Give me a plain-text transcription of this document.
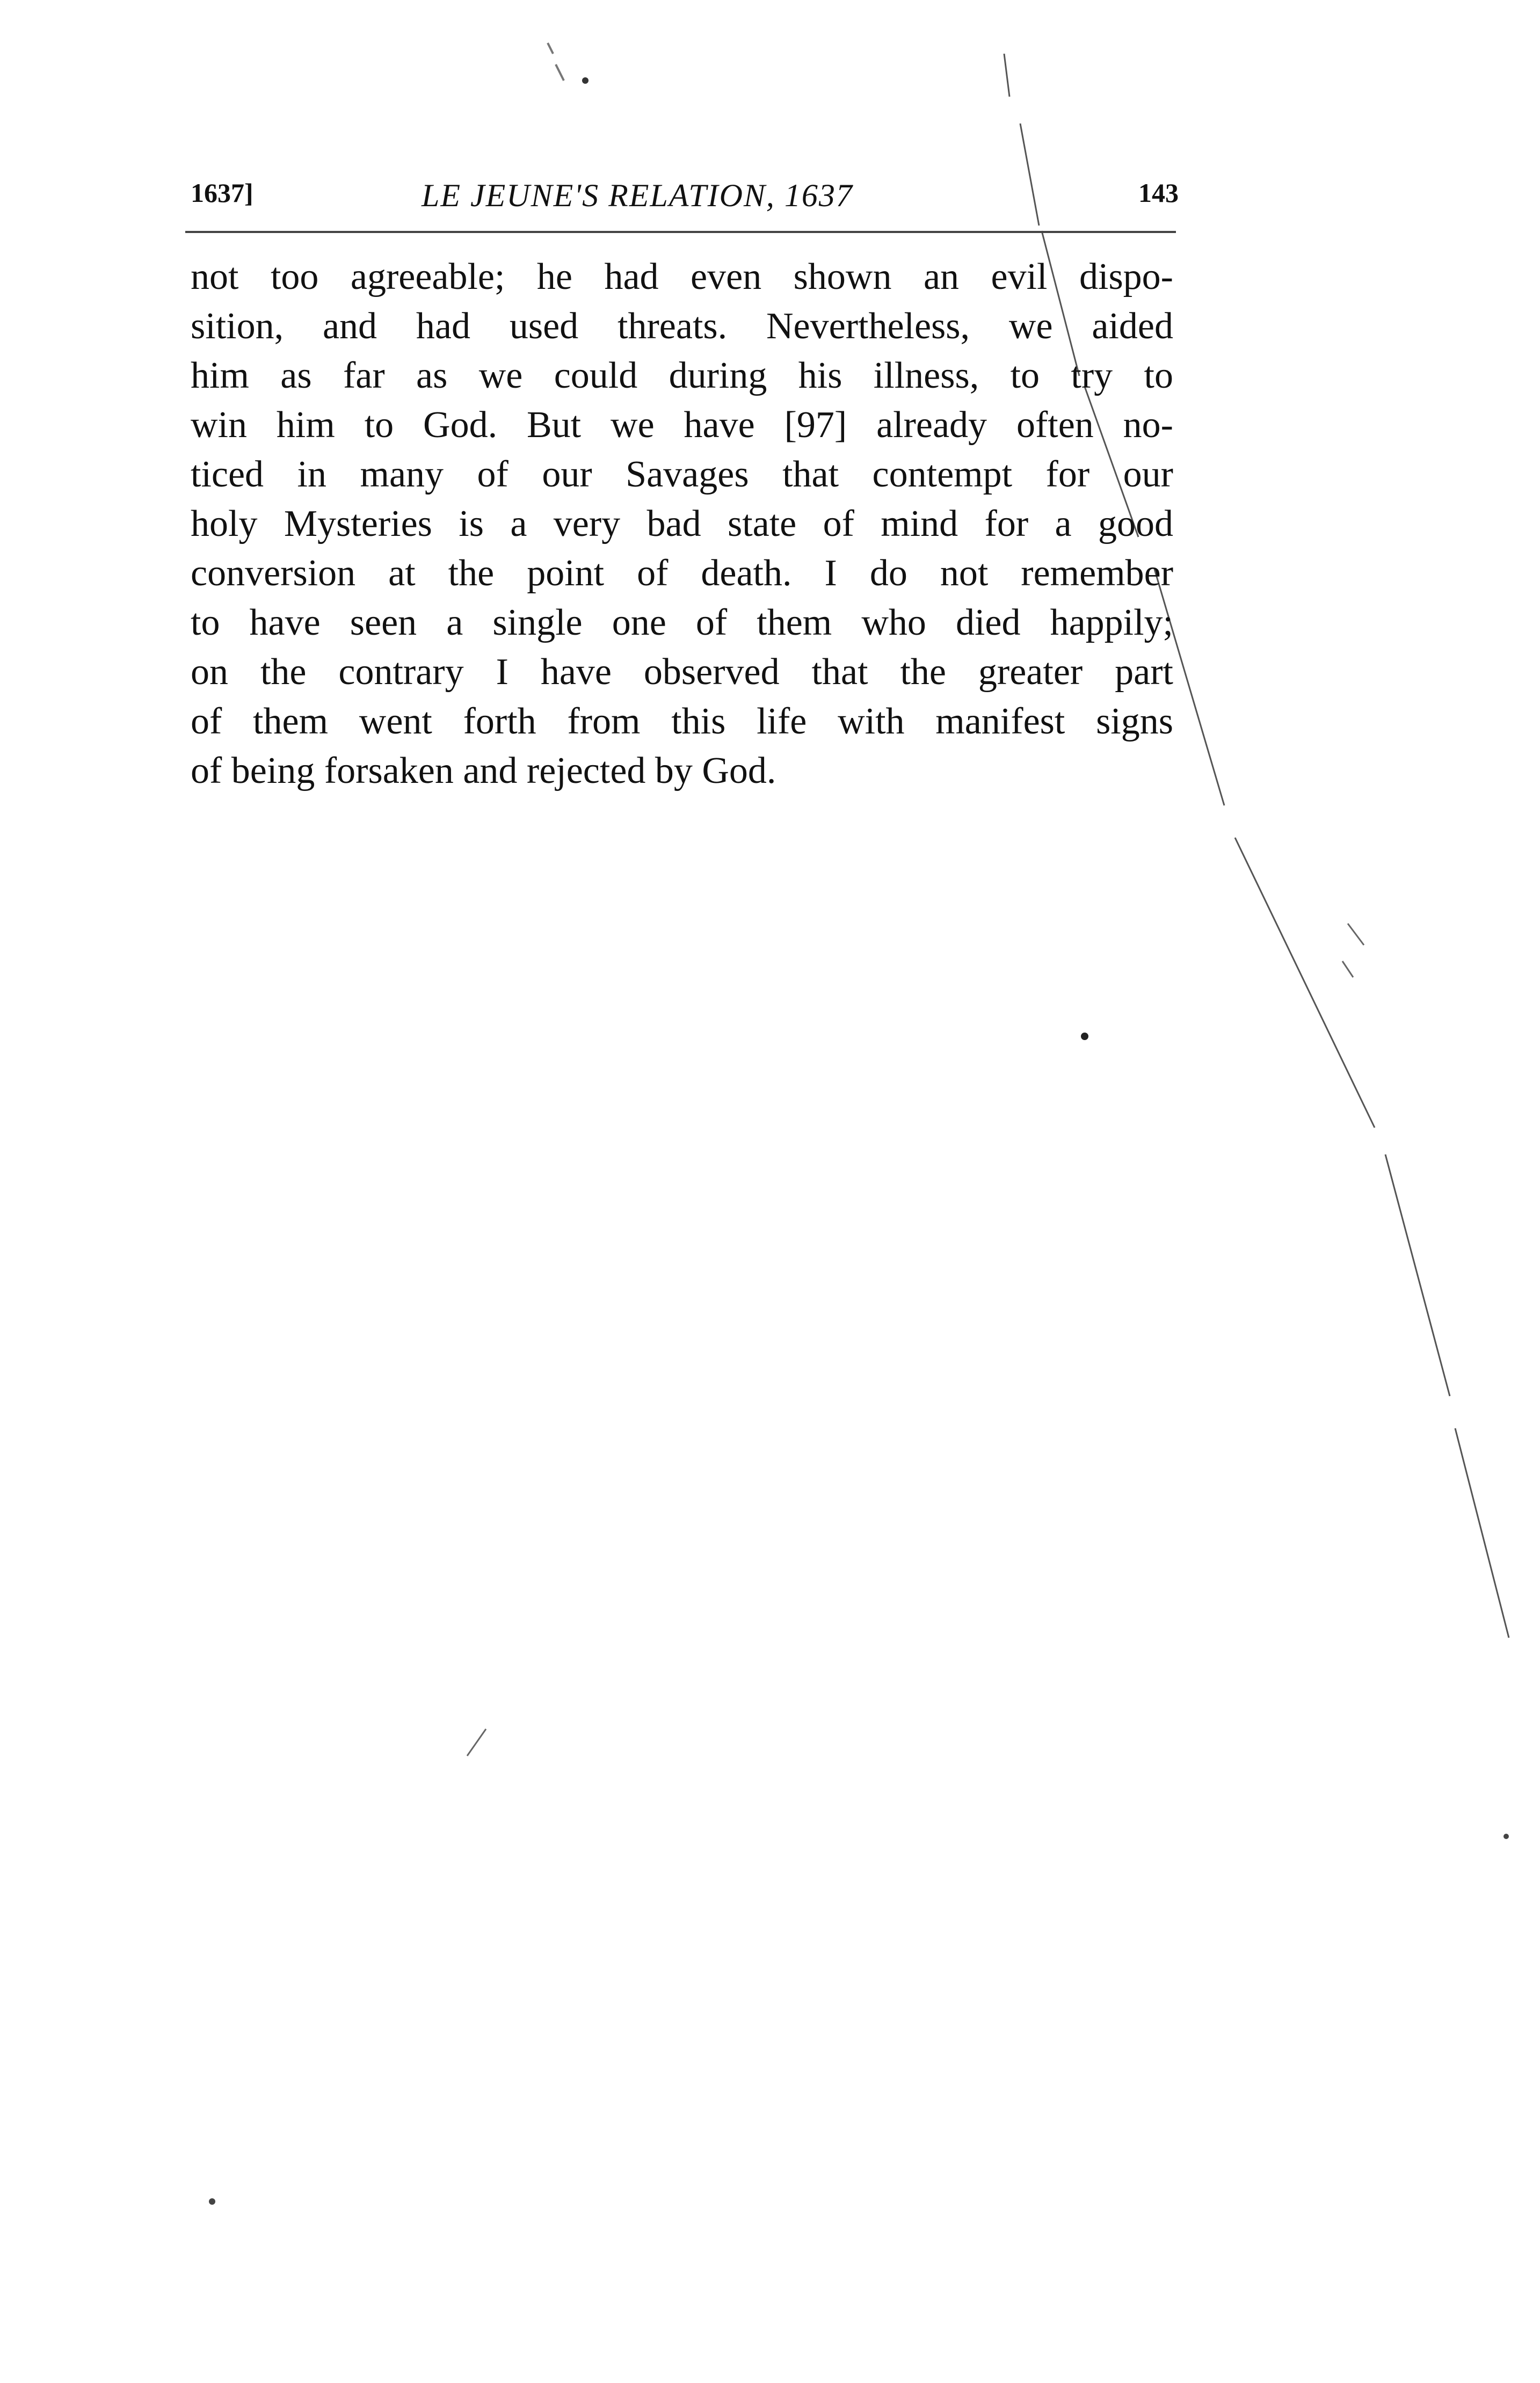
1637]	LE JEUNE'S RELATION, 1637	143
not too agreeable; he had even shown an evil dispo-
sition, and had used threats. Nevertheless, we aided
him as far as we could during his illness, to try to
win him to God. But we have [97] already often no-
ticed in many of our Savages that contempt for our
holy Mysteries is a very bad state of mind for a good
conversion at the point of death. I do not remember
to have seen a single one of them who died happily;
on the contrary I have observed that the greater part
of them went forth from this life with manifest signs
of being forsaken and rejected by God.
